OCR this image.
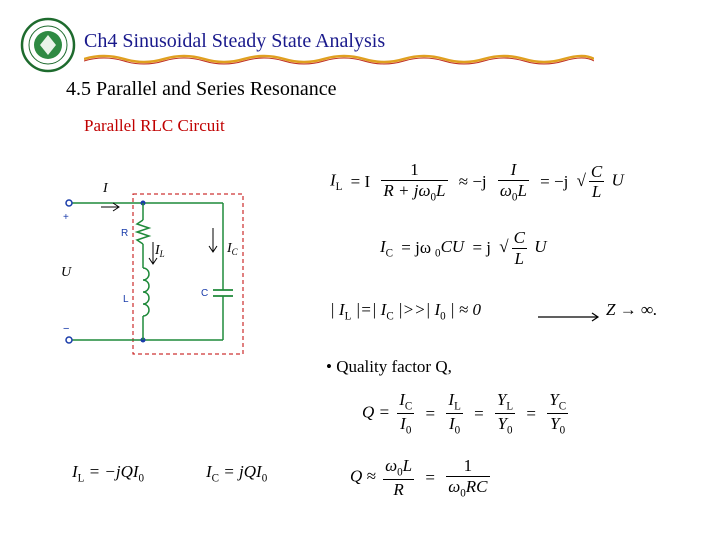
Ch4 Sinusoidal Steady State Analysis
4.5 Parallel and Series Resonance
Parallel RLC Circuit
+
−
R
L
C
I
U
$I_L$	$I_C$
$I_L = I \frac{1}{R + j\omega_0L} \approx -j \frac{I}{\omega_0L} = -j$ √ $\frac{C}{L}$ U
$I_C = j\omega$ $_0$CU = j √ $\frac{C}{L}$ U
| $I_L$ |=| $I_C$ |>>| $I_0$ | ≈ 0	Z → ∞.
• Quality factor Q,
$Q = \frac{I_C}{I_0} = \frac{I_L}{I_0} = \frac{Y_L}{Y_0} = \frac{Y_C}{Y_0}$
$Q \approx \frac{\omega_0L}{R} = \frac{1}{\omega_0RC}$
$I_L = -jQI_0$	$I_C = jQI_0$
